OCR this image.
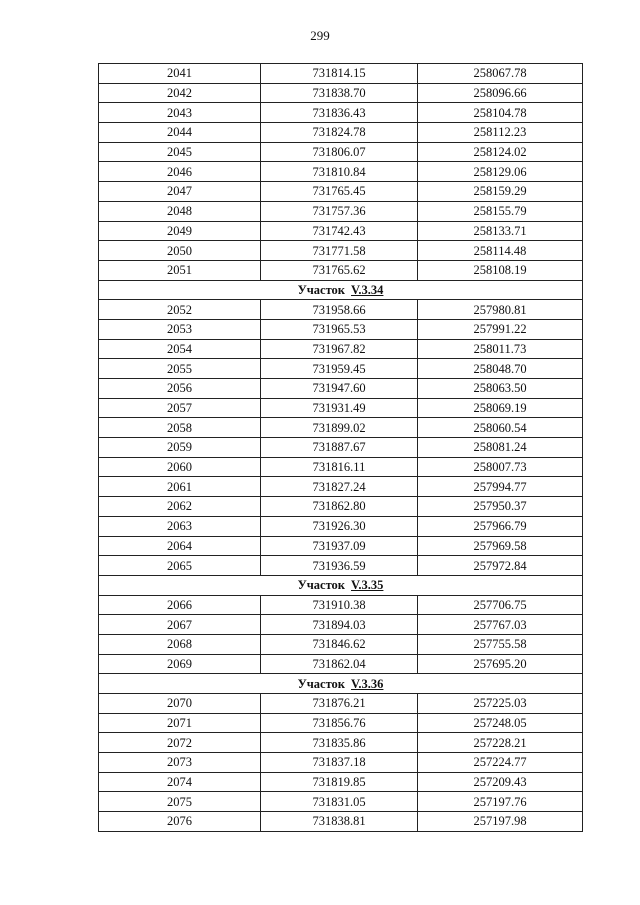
299
2041	731814.15	258067.78
2042	731838.70	258096.66
2043	731836.43	258104.78
2044	731824.78	258112.23
2045	731806.07	258124.02
2046	731810.84	258129.06
2047	731765.45	258159.29
2048	731757.36	258155.79
2049	731742.43	258133.71
2050	731771.58	258114.48
2051	731765.62	258108.19
Участок V.3.34		
2052	731958.66	257980.81
2053	731965.53	257991.22
2054	731967.82	258011.73
2055	731959.45	258048.70
2056	731947.60	258063.50
2057	731931.49	258069.19
2058	731899.02	258060.54
2059	731887.67	258081.24
2060	731816.11	258007.73
2061	731827.24	257994.77
2062	731862.80	257950.37
2063	731926.30	257966.79
2064	731937.09	257969.58
2065	731936.59	257972.84
Участок V.3.35		
2066	731910.38	257706.75
2067	731894.03	257767.03
2068	731846.62	257755.58
2069	731862.04	257695.20
Участок V.3.36		
2070	731876.21	257225.03
2071	731856.76	257248.05
2072	731835.86	257228.21
2073	731837.18	257224.77
2074	731819.85	257209.43
2075	731831.05	257197.76
2076	731838.81	257197.98
